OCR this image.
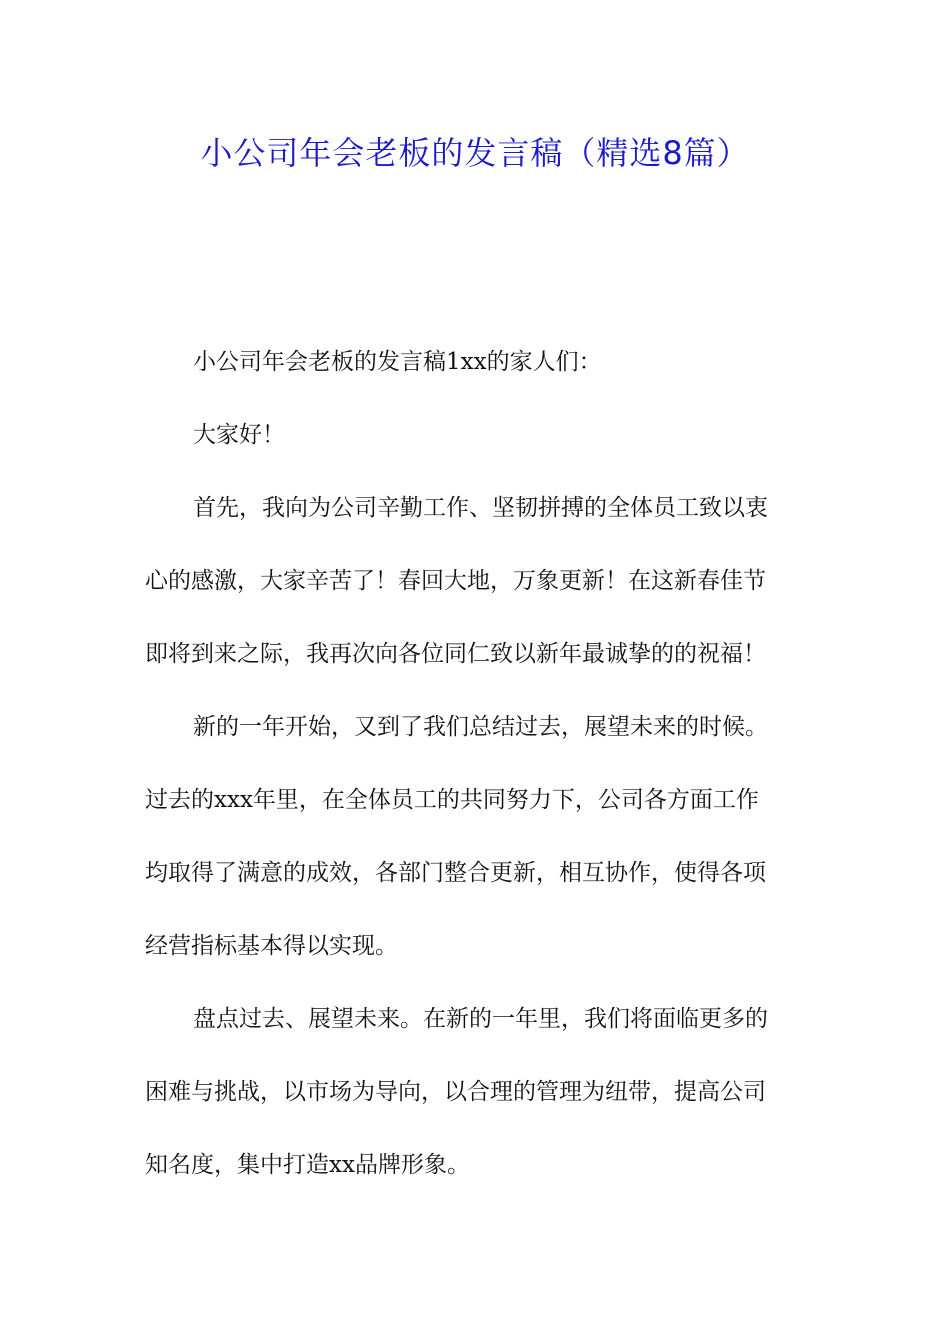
小公司年会老板的发言稿（精选8篇）
小公司年会老板的发言稿1xx的家人们：
大家好！
首先，我向为公司辛勤工作、坚韧拼搏的全体员工致以衷
心的感激，大家辛苦了！春回大地，万象更新！在这新春佳节
即将到来之际，我再次向各位同仁致以新年最诚挚的的祝福！
新的一年开始，又到了我们总结过去，展望未来的时候。
过去的xxx年里，在全体员工的共同努力下，公司各方面工作
均取得了满意的成效，各部门整合更新，相互协作，使得各项
经营指标基本得以实现。
盘点过去、展望未来。在新的一年里，我们将面临更多的
困难与挑战，以市场为导向，以合理的管理为纽带，提高公司
知名度，集中打造xx品牌形象。
